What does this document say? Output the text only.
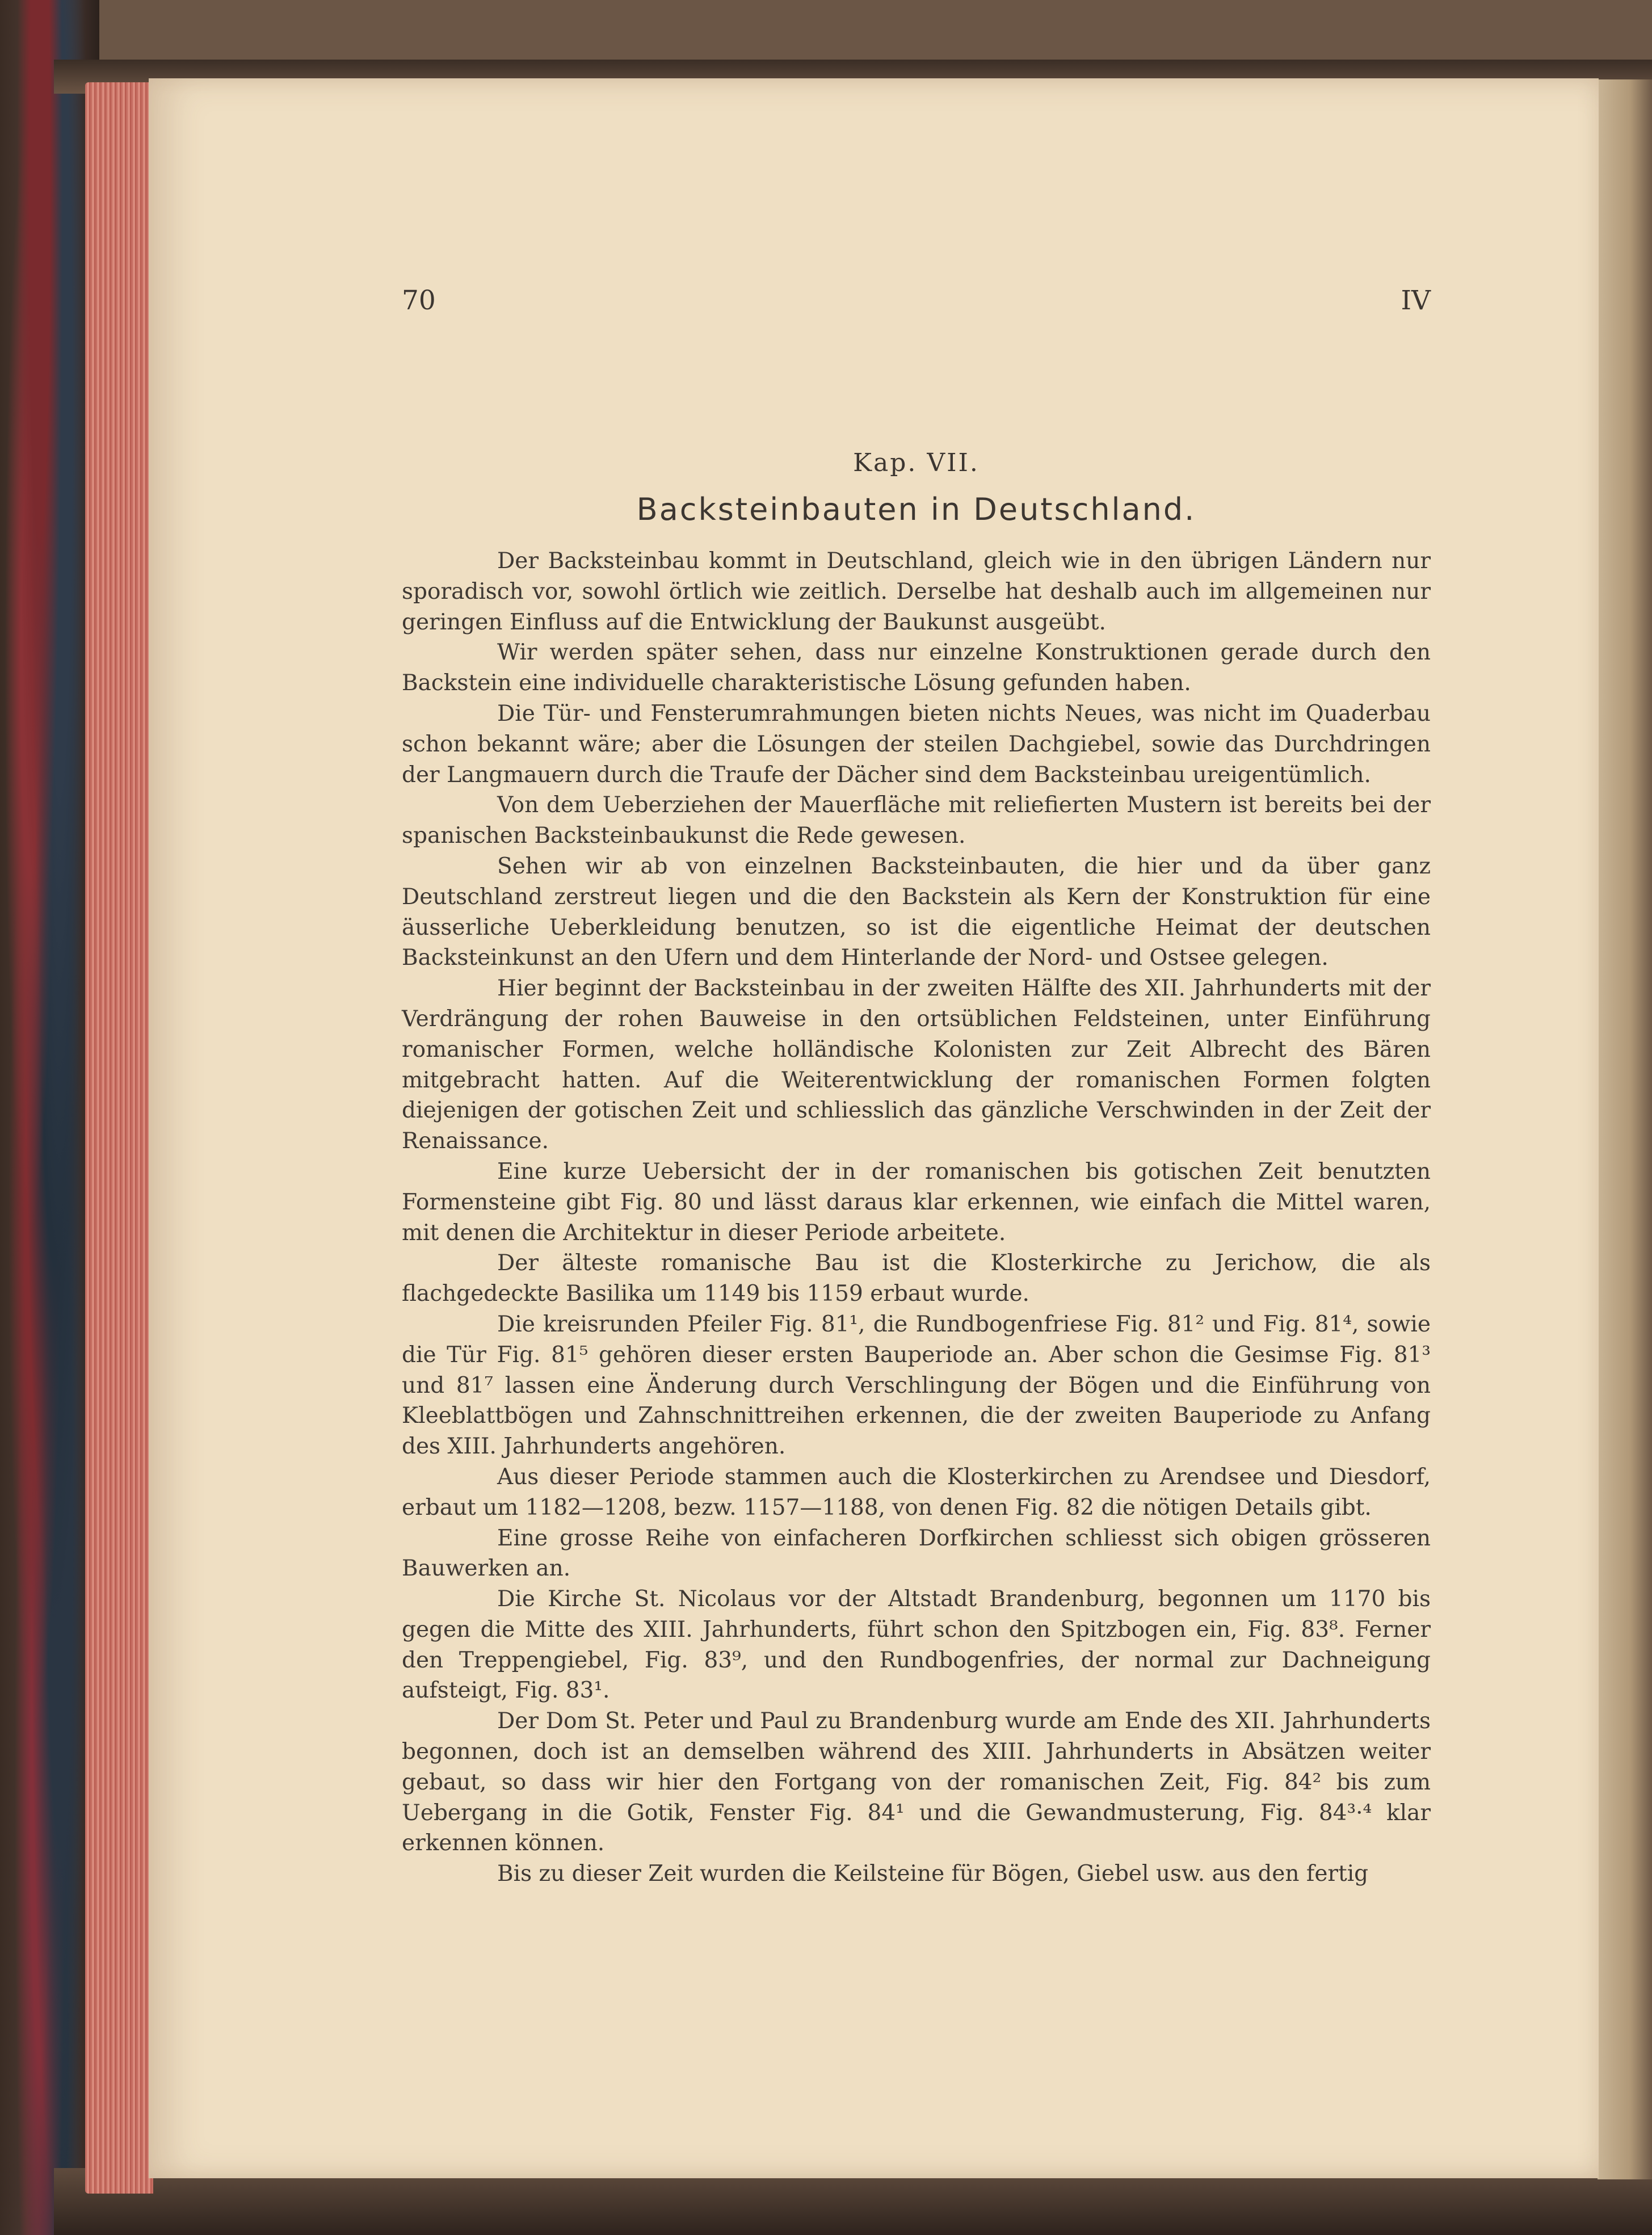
70	IV
Kap. VII.
Backsteinbauten in Deutschland.

Der Backsteinbau kommt in Deutschland, gleich wie in den übrigen Ländern nur sporadisch vor, sowohl örtlich wie zeitlich. Derselbe hat deshalb auch im allgemeinen nur geringen Einfluss auf die Entwicklung der Baukunst ausgeübt.

Wir werden später sehen, dass nur einzelne Konstruktionen gerade durch den Backstein eine individuelle charakteristische Lösung gefunden haben.

Die Tür- und Fensterumrahmungen bieten nichts Neues, was nicht im Quaderbau schon bekannt wäre; aber die Lösungen der steilen Dachgiebel, sowie das Durchdringen der Langmauern durch die Traufe der Dächer sind dem Backsteinbau ureigentümlich.

Von dem Ueberziehen der Mauerfläche mit reliefierten Mustern ist bereits bei der spanischen Backsteinbaukunst die Rede gewesen.

Sehen wir ab von einzelnen Backsteinbauten, die hier und da über ganz Deutschland zerstreut liegen und die den Backstein als Kern der Konstruktion für eine äusserliche Ueberkleidung benutzen, so ist die eigentliche Heimat der deutschen Backsteinkunst an den Ufern und dem Hinterlande der Nord- und Ostsee gelegen.

Hier beginnt der Backsteinbau in der zweiten Hälfte des XII. Jahrhunderts mit der Verdrängung der rohen Bauweise in den ortsüblichen Feldsteinen, unter Einführung romanischer Formen, welche holländische Kolonisten zur Zeit Albrecht des Bären mitgebracht hatten. Auf die Weiterentwicklung der romanischen Formen folgten diejenigen der gotischen Zeit und schliesslich das gänzliche Verschwinden in der Zeit der Renaissance.

Eine kurze Uebersicht der in der romanischen bis gotischen Zeit benutzten Formensteine gibt Fig. 80 und lässt daraus klar erkennen, wie einfach die Mittel waren, mit denen die Architektur in dieser Periode arbeitete.

Der älteste romanische Bau ist die Klosterkirche zu Jerichow, die als flachgedeckte Basilika um 1149 bis 1159 erbaut wurde.

Die kreisrunden Pfeiler Fig. 81¹, die Rundbogenfriese Fig. 81² und Fig. 81⁴, sowie die Tür Fig. 81⁵ gehören dieser ersten Bauperiode an. Aber schon die Gesimse Fig. 81³ und 81⁷ lassen eine Änderung durch Verschlingung der Bögen und die Einführung von Kleeblattbögen und Zahnschnittreihen erkennen, die der zweiten Bauperiode zu Anfang des XIII. Jahrhunderts angehören.

Aus dieser Periode stammen auch die Klosterkirchen zu Arendsee und Diesdorf, erbaut um 1182—1208, bezw. 1157—1188, von denen Fig. 82 die nötigen Details gibt.

Eine grosse Reihe von einfacheren Dorfkirchen schliesst sich obigen grösseren Bauwerken an.

Die Kirche St. Nicolaus vor der Altstadt Brandenburg, begonnen um 1170 bis gegen die Mitte des XIII. Jahrhunderts, führt schon den Spitzbogen ein, Fig. 83⁸. Ferner den Treppengiebel, Fig. 83⁹, und den Rundbogenfries, der normal zur Dachneigung aufsteigt, Fig. 83¹.

Der Dom St. Peter und Paul zu Brandenburg wurde am Ende des XII. Jahrhunderts begonnen, doch ist an demselben während des XIII. Jahrhunderts in Absätzen weiter gebaut, so dass wir hier den Fortgang von der romanischen Zeit, Fig. 84² bis zum Uebergang in die Gotik, Fenster Fig. 84¹ und die Gewandmusterung, Fig. 84³·⁴ klar erkennen können.

Bis zu dieser Zeit wurden die Keilsteine für Bögen, Giebel usw. aus den fertig
